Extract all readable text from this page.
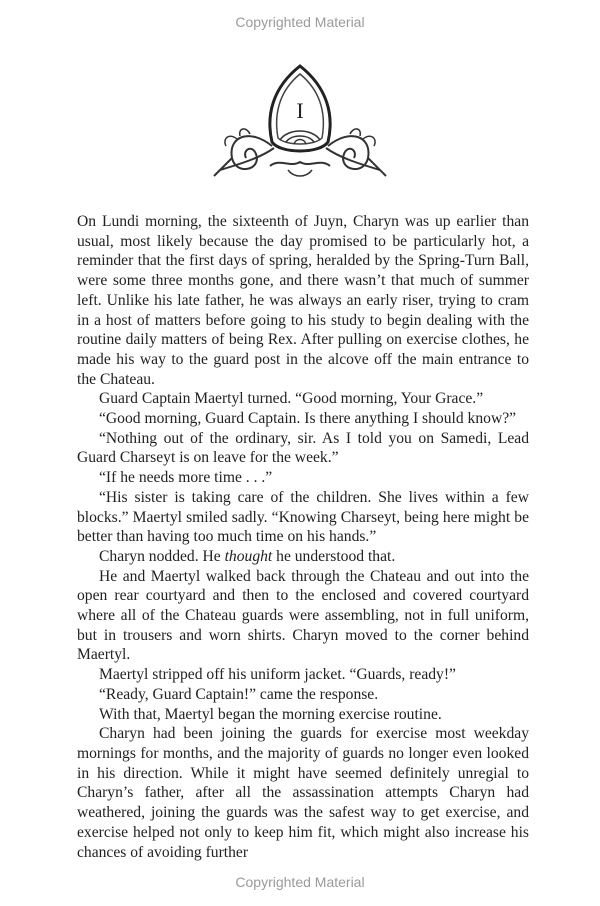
Copyrighted Material
I

On Lundi morning, the sixteenth of Juyn, Charyn was up earlier than usual, most likely because the day promised to be particularly hot, a reminder that the first days of spring, heralded by the Spring-Turn Ball, were some three months gone, and there wasn’t that much of summer left. Unlike his late father, he was always an early riser, trying to cram in a host of matters before going to his study to begin dealing with the routine daily matters of being Rex. After pulling on exercise clothes, he made his way to the guard post in the alcove off the main entrance to the Chateau.

Guard Captain Maertyl turned. “Good morning, Your Grace.”

“Good morning, Guard Captain. Is there anything I should know?”

“Nothing out of the ordinary, sir. As I told you on Samedi, Lead Guard Charseyt is on leave for the week.”

“If he needs more time . . .”

“His sister is taking care of the children. She lives within a few blocks.” Maertyl smiled sadly. “Knowing Charseyt, being here might be better than having too much time on his hands.”

Charyn nodded. He thought he understood that.

He and Maertyl walked back through the Chateau and out into the open rear courtyard and then to the enclosed and covered courtyard where all of the Chateau guards were assembling, not in full uniform, but in trousers and worn shirts. Charyn moved to the corner behind Maertyl.

Maertyl stripped off his uniform jacket. “Guards, ready!”

“Ready, Guard Captain!” came the response.

With that, Maertyl began the morning exercise routine.

Charyn had been joining the guards for exercise most weekday mornings for months, and the majority of guards no longer even looked in his direction. While it might have seemed definitely unregial to Charyn’s father, after all the assassination attempts Charyn had weathered, joining the guards was the safest way to get exercise, and exercise helped not only to keep him fit, which might also increase his chances of avoiding further

Copyrighted Material
